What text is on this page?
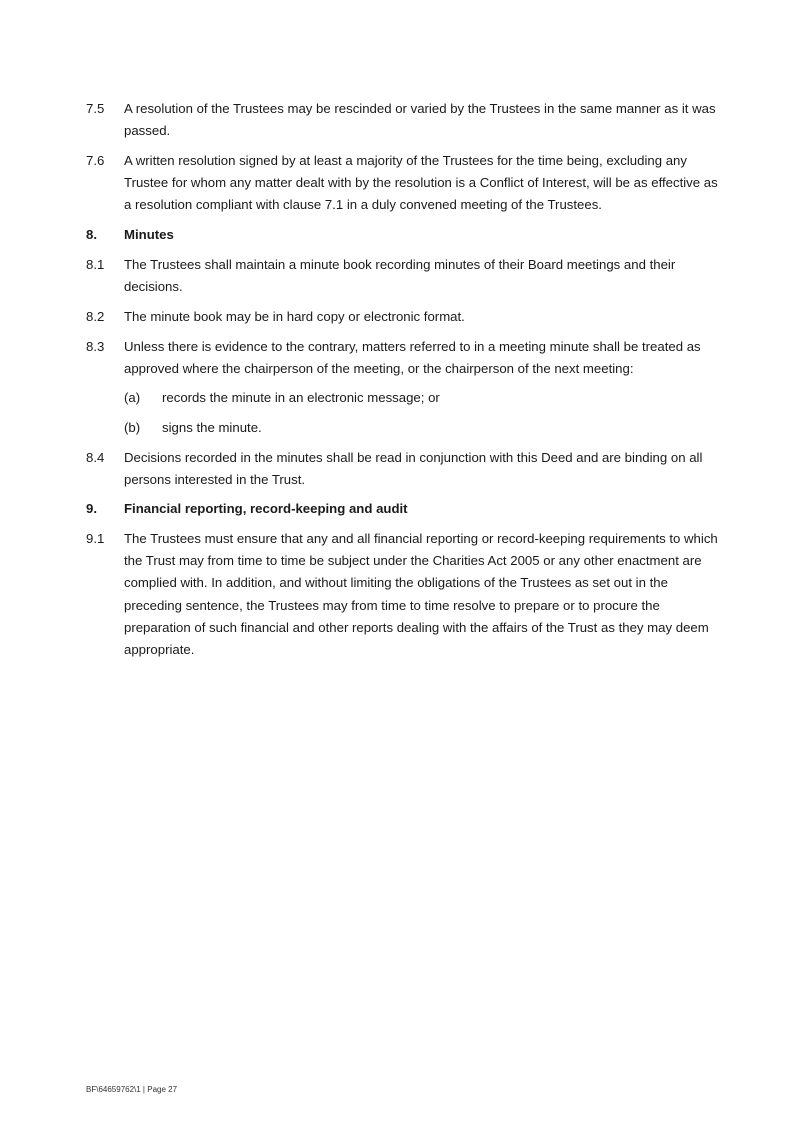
7.5	A resolution of the Trustees may be rescinded or varied by the Trustees in the same manner as it was passed.
7.6	A written resolution signed by at least a majority of the Trustees for the time being, excluding any Trustee for whom any matter dealt with by the resolution is a Conflict of Interest, will be as effective as a resolution compliant with clause 7.1 in a duly convened meeting of the Trustees.
8.	Minutes
8.1	The Trustees shall maintain a minute book recording minutes of their Board meetings and their decisions.
8.2	The minute book may be in hard copy or electronic format.
8.3	Unless there is evidence to the contrary, matters referred to in a meeting minute shall be treated as approved where the chairperson of the meeting, or the chairperson of the next meeting:
(a) records the minute in an electronic message; or
(b) signs the minute.
8.4	Decisions recorded in the minutes shall be read in conjunction with this Deed and are binding on all persons interested in the Trust.
9.	Financial reporting, record-keeping and audit
9.1	The Trustees must ensure that any and all financial reporting or record-keeping requirements to which the Trust may from time to time be subject under the Charities Act 2005 or any other enactment are complied with. In addition, and without limiting the obligations of the Trustees as set out in the preceding sentence, the Trustees may from time to time resolve to prepare or to procure the preparation of such financial and other reports dealing with the affairs of the Trust as they may deem appropriate.
BF\64659762\1 | Page 27
